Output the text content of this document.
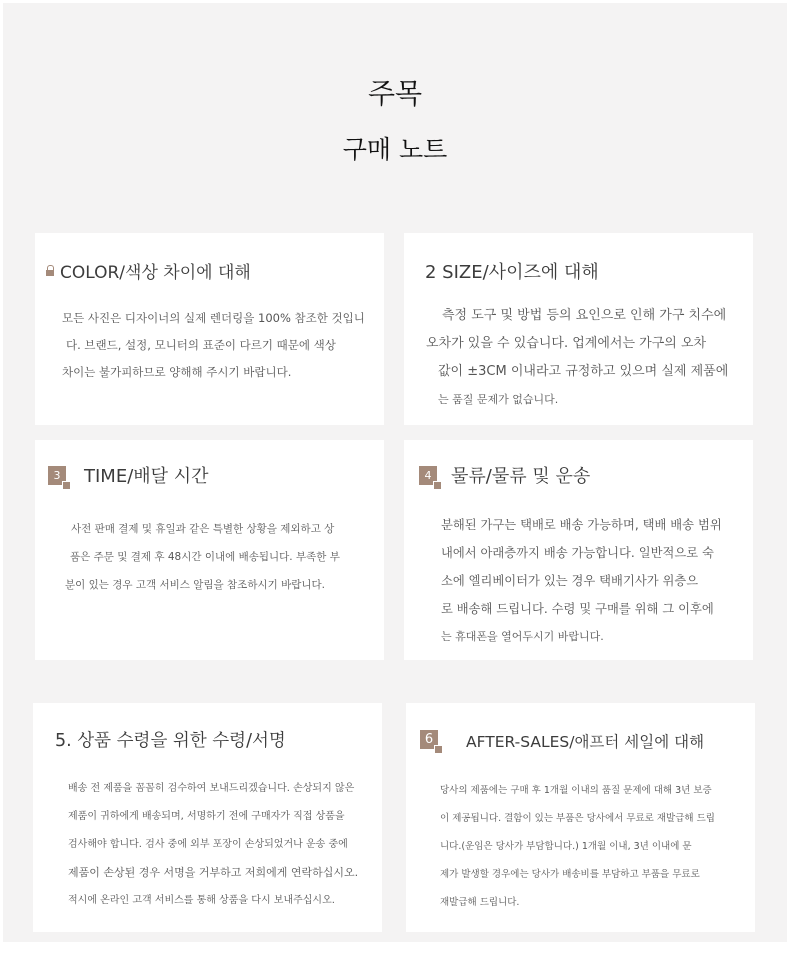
주목
구매 노트
COLOR/색상 차이에 대해
모든 사진은 디자이너의 실제 렌더링을 100% 참조한 것입니
다. 브랜드, 설정, 모니터의 표준이 다르기 때문에 색상
차이는 불가피하므로 양해해 주시기 바랍니다.
2 SIZE/사이즈에 대해
측정 도구 및 방법 등의 요인으로 인해 가구 치수에
오차가 있을 수 있습니다. 업계에서는 가구의 오차
값이 ±3CM 이내라고 규정하고 있으며 실제 제품에
는 품질 문제가 없습니다.
3	TIME/배달 시간
사전 판매 결제 및 휴일과 같은 특별한 상황을 제외하고 상
품은 주문 및 결제 후 48시간 이내에 배송됩니다. 부족한 부
분이 있는 경우 고객 서비스 알림을 참조하시기 바랍니다.
4	물류/물류 및 운송
분해된 가구는 택배로 배송 가능하며, 택배 배송 범위
내에서 아래층까지 배송 가능합니다. 일반적으로 숙
소에 엘리베이터가 있는 경우 택배기사가 위층으
로 배송해 드립니다. 수령 및 구매를 위해 그 이후에
는 휴대폰을 열어두시기 바랍니다.
5. 상품 수령을 위한 수령/서명
배송 전 제품을 꼼꼼히 검수하여 보내드리겠습니다. 손상되지 않은
제품이 귀하에게 배송되며, 서명하기 전에 구매자가 직접 상품을
검사해야 합니다. 검사 중에 외부 포장이 손상되었거나 운송 중에
제품이 손상된 경우 서명을 거부하고 저희에게 연락하십시오.
적시에 온라인 고객 서비스를 통해 상품을 다시 보내주십시오.
6	AFTER-SALES/애프터 세일에 대해
당사의 제품에는 구매 후 1개월 이내의 품질 문제에 대해 3년 보증
이 제공됩니다. 결함이 있는 부품은 당사에서 무료로 재발급해 드립
니다.(운임은 당사가 부담합니다.) 1개월 이내, 3년 이내에 문
제가 발생할 경우에는 당사가 배송비를 부담하고 부품을 무료로
재발급해 드립니다.
